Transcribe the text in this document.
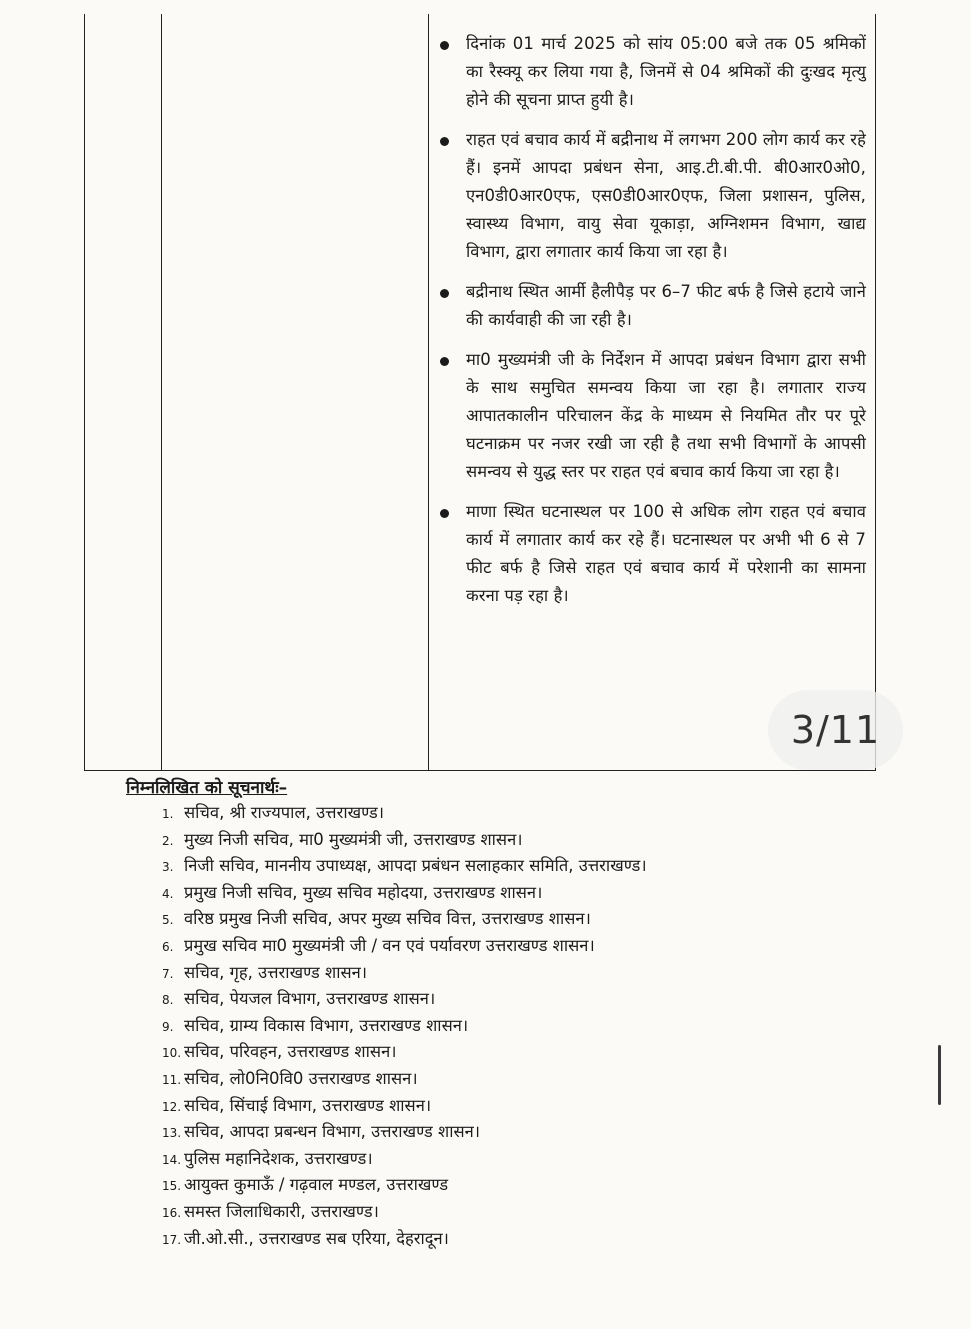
दिनांक 01 मार्च 2025 को सांय 05:00 बजे तक 05 श्रमिकों का रैस्क्यू कर लिया गया है, जिनमें से 04 श्रमिकों की दुःखद मृत्यु होने की सूचना प्राप्त हुयी है।
राहत एवं बचाव कार्य में बद्रीनाथ में लगभग 200 लोग कार्य कर रहे हैं। इनमें आपदा प्रबंधन सेना, आइ.टी.बी.पी. बी0आर0ओ0, एन0डी0आर0एफ, एस0डी0आर0एफ, जिला प्रशासन, पुलिस, स्वास्थ्य विभाग, वायु सेवा यूकाड़ा, अग्निशमन विभाग, खाद्य विभाग, द्वारा लगातार कार्य किया जा रहा है।
बद्रीनाथ स्थित आर्मी हैलीपैड़ पर 6–7 फीट बर्फ है जिसे हटाये जाने की कार्यवाही की जा रही है।
मा0 मुख्यमंत्री जी के निर्देशन में आपदा प्रबंधन विभाग द्वारा सभी के साथ समुचित समन्वय किया जा रहा है। लगातार राज्य आपातकालीन परिचालन केंद्र के माध्यम से नियमित तौर पर पूरे घटनाक्रम पर नजर रखी जा रही है तथा सभी विभागों के आपसी समन्वय से युद्ध स्तर पर राहत एवं बचाव कार्य किया जा रहा है।
माणा स्थित घटनास्थल पर 100 से अधिक लोग राहत एवं बचाव कार्य में लगातार कार्य कर रहे हैं। घटनास्थल पर अभी भी 6 से 7 फीट बर्फ है जिसे राहत एवं बचाव कार्य में परेशानी का सामना करना पड़ रहा है।
3/11
निम्नलिखित को सूचनार्थः–
1. सचिव, श्री राज्यपाल, उत्तराखण्ड।
2. मुख्य निजी सचिव, मा0 मुख्यमंत्री जी, उत्तराखण्ड शासन।
3. निजी सचिव, माननीय उपाध्यक्ष, आपदा प्रबंधन सलाहकार समिति, उत्तराखण्ड।
4. प्रमुख निजी सचिव, मुख्य सचिव महोदया, उत्तराखण्ड शासन।
5. वरिष्ठ प्रमुख निजी सचिव, अपर मुख्य सचिव वित्त, उत्तराखण्ड शासन।
6. प्रमुख सचिव मा0 मुख्यमंत्री जी / वन एवं पर्यावरण उत्तराखण्ड शासन।
7. सचिव, गृह, उत्तराखण्ड शासन।
8. सचिव, पेयजल विभाग, उत्तराखण्ड शासन।
9. सचिव, ग्राम्य विकास विभाग, उत्तराखण्ड शासन।
10. सचिव, परिवहन, उत्तराखण्ड शासन।
11. सचिव, लो0नि0वि0 उत्तराखण्ड शासन।
12. सचिव, सिंचाई विभाग, उत्तराखण्ड शासन।
13. सचिव, आपदा प्रबन्धन विभाग, उत्तराखण्ड शासन।
14. पुलिस महानिदेशक, उत्तराखण्ड।
15. आयुक्त कुमाऊँ / गढ़वाल मण्डल, उत्तराखण्ड
16. समस्त जिलाधिकारी, उत्तराखण्ड।
17. जी.ओ.सी., उत्तराखण्ड सब एरिया, देहरादून।
